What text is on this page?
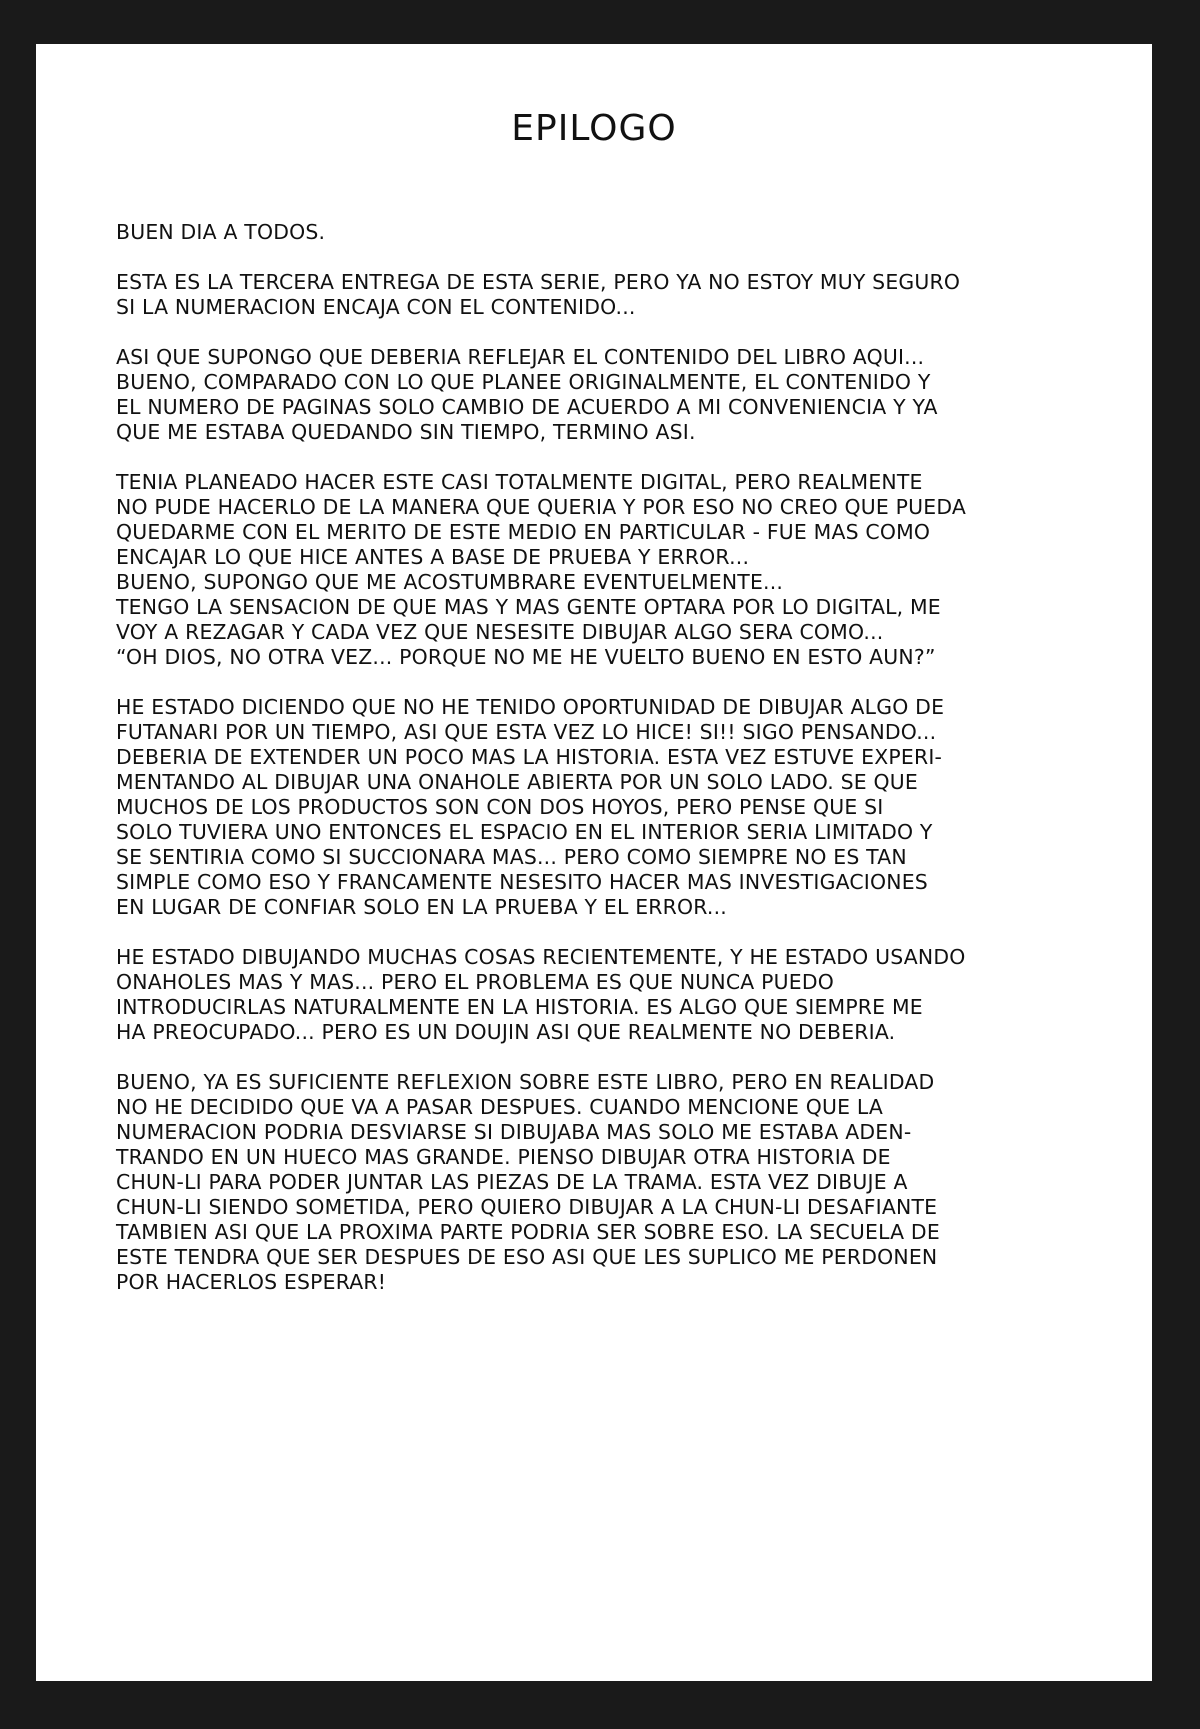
EPILOGO

BUEN DIA A TODOS.

ESTA ES LA TERCERA ENTREGA DE ESTA SERIE, PERO YA NO ESTOY MUY SEGURO
SI LA NUMERACION ENCAJA CON EL CONTENIDO...

ASI QUE SUPONGO QUE DEBERIA REFLEJAR EL CONTENIDO DEL LIBRO AQUI...
BUENO, COMPARADO CON LO QUE PLANEE ORIGINALMENTE, EL CONTENIDO Y
EL NUMERO DE PAGINAS SOLO CAMBIO DE ACUERDO A MI CONVENIENCIA Y YA
QUE ME ESTABA QUEDANDO SIN TIEMPO, TERMINO ASI.

TENIA PLANEADO HACER ESTE CASI TOTALMENTE DIGITAL, PERO REALMENTE
NO PUDE HACERLO DE LA MANERA QUE QUERIA Y POR ESO NO CREO QUE PUEDA
QUEDARME CON EL MERITO DE ESTE MEDIO EN PARTICULAR - FUE MAS COMO
ENCAJAR LO QUE HICE ANTES A BASE DE PRUEBA Y ERROR...
BUENO, SUPONGO QUE ME ACOSTUMBRARE EVENTUELMENTE...
TENGO LA SENSACION DE QUE MAS Y MAS GENTE OPTARA POR LO DIGITAL, ME
VOY A REZAGAR Y CADA VEZ QUE NESESITE DIBUJAR ALGO SERA COMO...
“OH DIOS, NO OTRA VEZ... PORQUE NO ME HE VUELTO BUENO EN ESTO AUN?”

HE ESTADO DICIENDO QUE NO HE TENIDO OPORTUNIDAD DE DIBUJAR ALGO DE
FUTANARI POR UN TIEMPO, ASI QUE ESTA VEZ LO HICE! SI!! SIGO PENSANDO...
DEBERIA DE EXTENDER UN POCO MAS LA HISTORIA. ESTA VEZ ESTUVE EXPERI-
MENTANDO AL DIBUJAR UNA ONAHOLE ABIERTA POR UN SOLO LADO. SE QUE
MUCHOS DE LOS PRODUCTOS SON CON DOS HOYOS, PERO PENSE QUE SI
SOLO TUVIERA UNO ENTONCES EL ESPACIO EN EL INTERIOR SERIA LIMITADO Y
SE SENTIRIA COMO SI SUCCIONARA MAS... PERO COMO SIEMPRE NO ES TAN
SIMPLE COMO ESO Y FRANCAMENTE NESESITO HACER MAS INVESTIGACIONES
EN LUGAR DE CONFIAR SOLO EN LA PRUEBA Y EL ERROR...

HE ESTADO DIBUJANDO MUCHAS COSAS RECIENTEMENTE, Y HE ESTADO USANDO
ONAHOLES MAS Y MAS... PERO EL PROBLEMA ES QUE NUNCA PUEDO
INTRODUCIRLAS NATURALMENTE EN LA HISTORIA. ES ALGO QUE SIEMPRE ME
HA PREOCUPADO... PERO ES UN DOUJIN ASI QUE REALMENTE NO DEBERIA.

BUENO, YA ES SUFICIENTE REFLEXION SOBRE ESTE LIBRO, PERO EN REALIDAD
NO HE DECIDIDO QUE VA A PASAR DESPUES. CUANDO MENCIONE QUE LA
NUMERACION PODRIA DESVIARSE SI DIBUJABA MAS SOLO ME ESTABA ADEN-
TRANDO EN UN HUECO MAS GRANDE. PIENSO DIBUJAR OTRA HISTORIA DE
CHUN-LI PARA PODER JUNTAR LAS PIEZAS DE LA TRAMA. ESTA VEZ DIBUJE A
CHUN-LI SIENDO SOMETIDA, PERO QUIERO DIBUJAR A LA CHUN-LI DESAFIANTE
TAMBIEN ASI QUE LA PROXIMA PARTE PODRIA SER SOBRE ESO. LA SECUELA DE
ESTE TENDRA QUE SER DESPUES DE ESO ASI QUE LES SUPLICO ME PERDONEN
POR HACERLOS ESPERAR!
